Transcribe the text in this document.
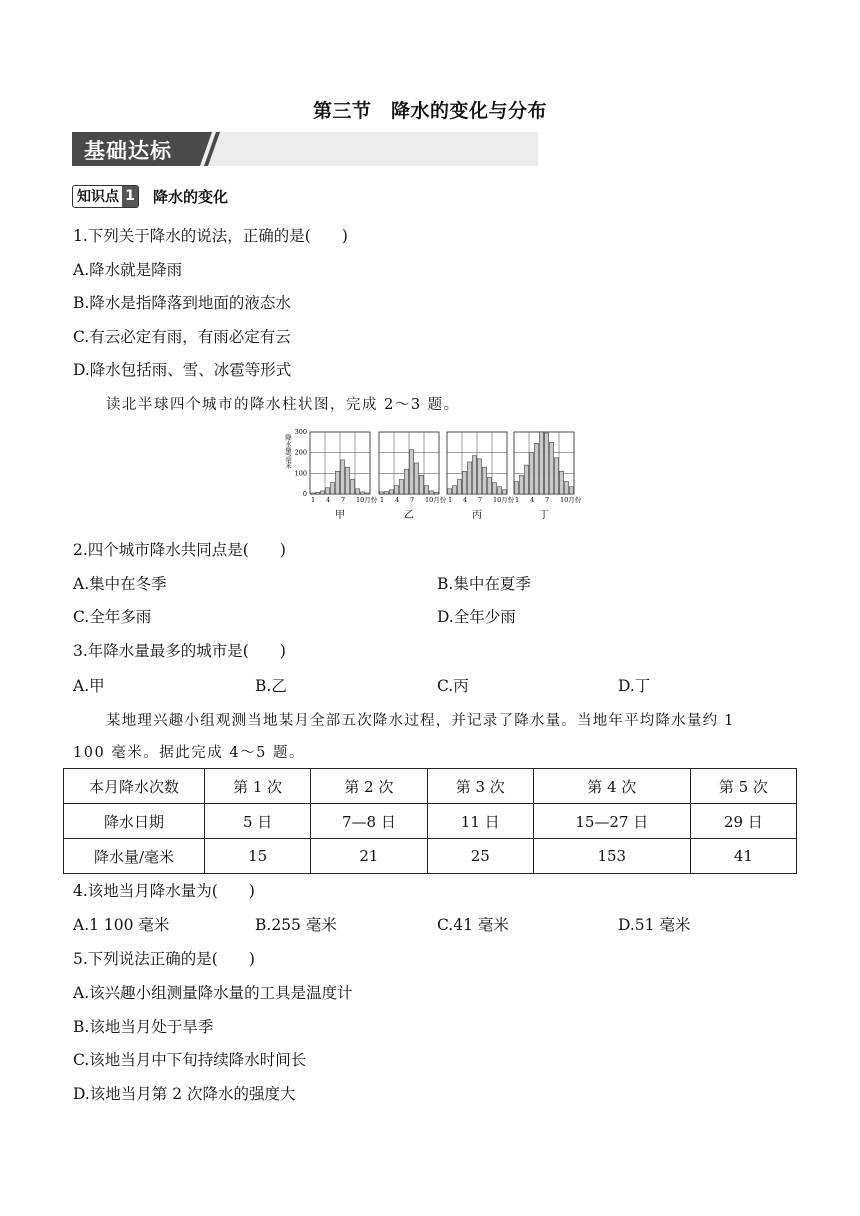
第三节　降水的变化与分布
基础达标
知识点 1 降水的变化
1.下列关于降水的说法，正确的是(　　)
A.降水就是降雨
B.降水是指降落到地面的液态水
C.有云必定有雨，有雨必定有云
D.降水包括雨、雪、冰雹等形式
读北半球四个城市的降水柱状图，完成 2～3 题。
降水量/毫米
1 4 7 10月份
0
100
200
300
甲
1 4 7 10月份
乙
1 4 7 10月份
丙
1 4 7 10月份
丁
2.四个城市降水共同点是(　　)
A.集中在冬季	B.集中在夏季
C.全年多雨	D.全年少雨
3.年降水量最多的城市是(　　)
A.甲	B.乙	C.丙	D.丁
某地理兴趣小组观测当地某月全部五次降水过程，并记录了降水量。当地年平均降水量约 1
100 毫米。据此完成 4～5 题。
本月降水次数	第 1 次	第 2 次	第 3 次	第 4 次	第 5 次
降水日期	5 日	7—8 日	11 日	15—27 日	29 日
降水量/毫米	15	21	25	153	41
4.该地当月降水量为(　　)
A.1 100 毫米	B.255 毫米	C.41 毫米	D.51 毫米
5.下列说法正确的是(　　)
A.该兴趣小组测量降水量的工具是温度计
B.该地当月处于旱季
C.该地当月中下旬持续降水时间长
D.该地当月第 2 次降水的强度大
